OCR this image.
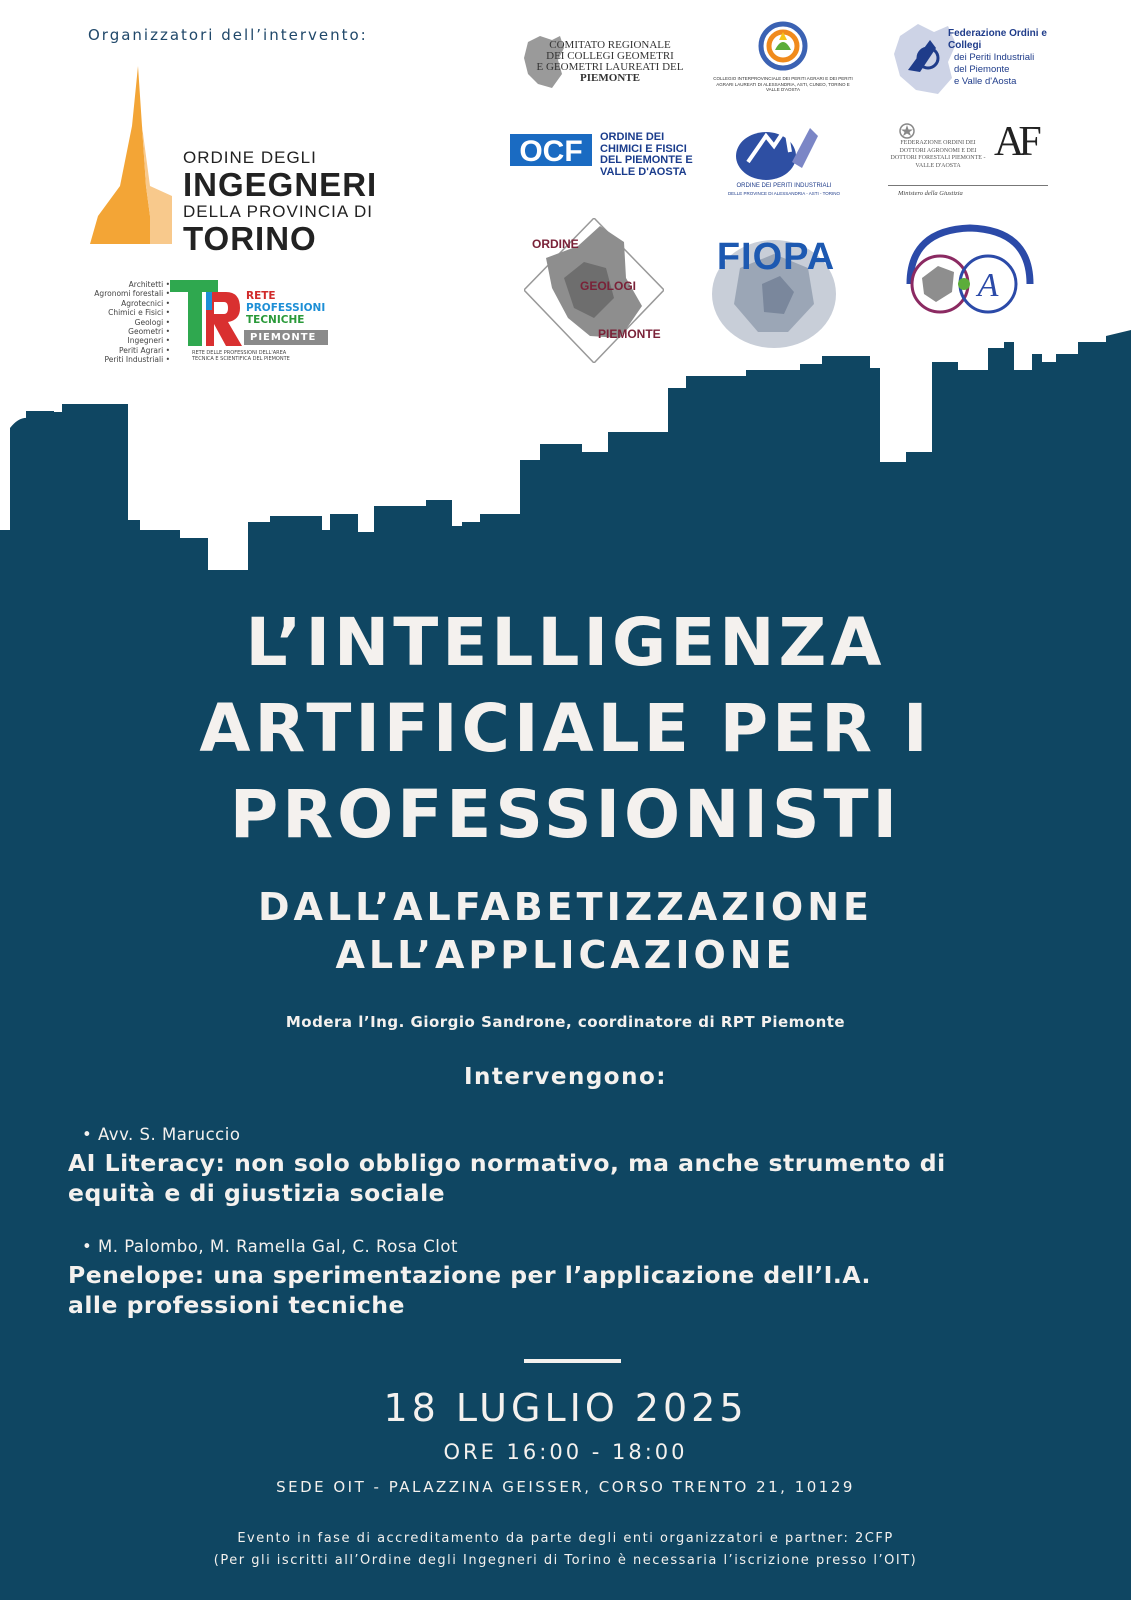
Organizzatori dell’intervento:
ORDINE DEGLI
INGEGNERI
DELLA PROVINCIA DI
TORINO
Architetti •
Agronomi forestali •
Agrotecnici •
Chimici e Fisici •
Geologi •
Geometri •
Ingegneri •
Periti Agrari •
Periti Industriali •
RETE
PROFESSIONI
TECNICHE
PIEMONTE
RETE DELLE PROFESSIONI DELL'AREA TECNICA E SCIENTIFICA DEL PIEMONTE
COMITATO REGIONALE
DEI COLLEGI GEOMETRI
E GEOMETRI LAUREATI DEL
PIEMONTE	COLLEGIO INTERPROVINCIALE DEI PERITI AGRARI E DEI PERITI AGRARI LAUREATI DI ALESSANDRIA, ASTI, CUNEO, TORINO E VALLE D'AOSTA
Federazione Ordini e Collegi
dei Periti Industriali
del Piemonte
e Valle d'Aosta
OCF ORDINE DEI
CHIMICI E FISICI
DEL PIEMONTE E
VALLE D'AOSTA
ORDINE DEI PERITI INDUSTRIALI
DELLE PROVINCE DI ALESSANDRIA - ASTI - TORINO
FEDERAZIONE ORDINI DEI DOTTORI AGRONOMI E DEI DOTTORI FORESTALI PIEMONTE - VALLE D'AOSTA
AF
Ministero della Giustizia
ORDINE
GEOLOGI
PIEMONTE
FIOPA
A
L’INTELLIGENZA
ARTIFICIALE PER I
PROFESSIONISTI
DALL’ALFABETIZZAZIONE
ALL’APPLICAZIONE
Modera l’Ing. Giorgio Sandrone, coordinatore di RPT Piemonte
Intervengono:
• Avv. S. Maruccio
AI Literacy: non solo obbligo normativo, ma anche strumento di
equità e di giustizia sociale
• M. Palombo, M. Ramella Gal, C. Rosa Clot
Penelope: una sperimentazione per l’applicazione dell’I.A.
alle professioni tecniche
18 LUGLIO 2025
ORE 16:00 - 18:00
SEDE OIT - PALAZZINA GEISSER, CORSO TRENTO 21, 10129
Evento in fase di accreditamento da parte degli enti organizzatori e partner: 2CFP
(Per gli iscritti all’Ordine degli Ingegneri di Torino è necessaria l’iscrizione presso l’OIT)
